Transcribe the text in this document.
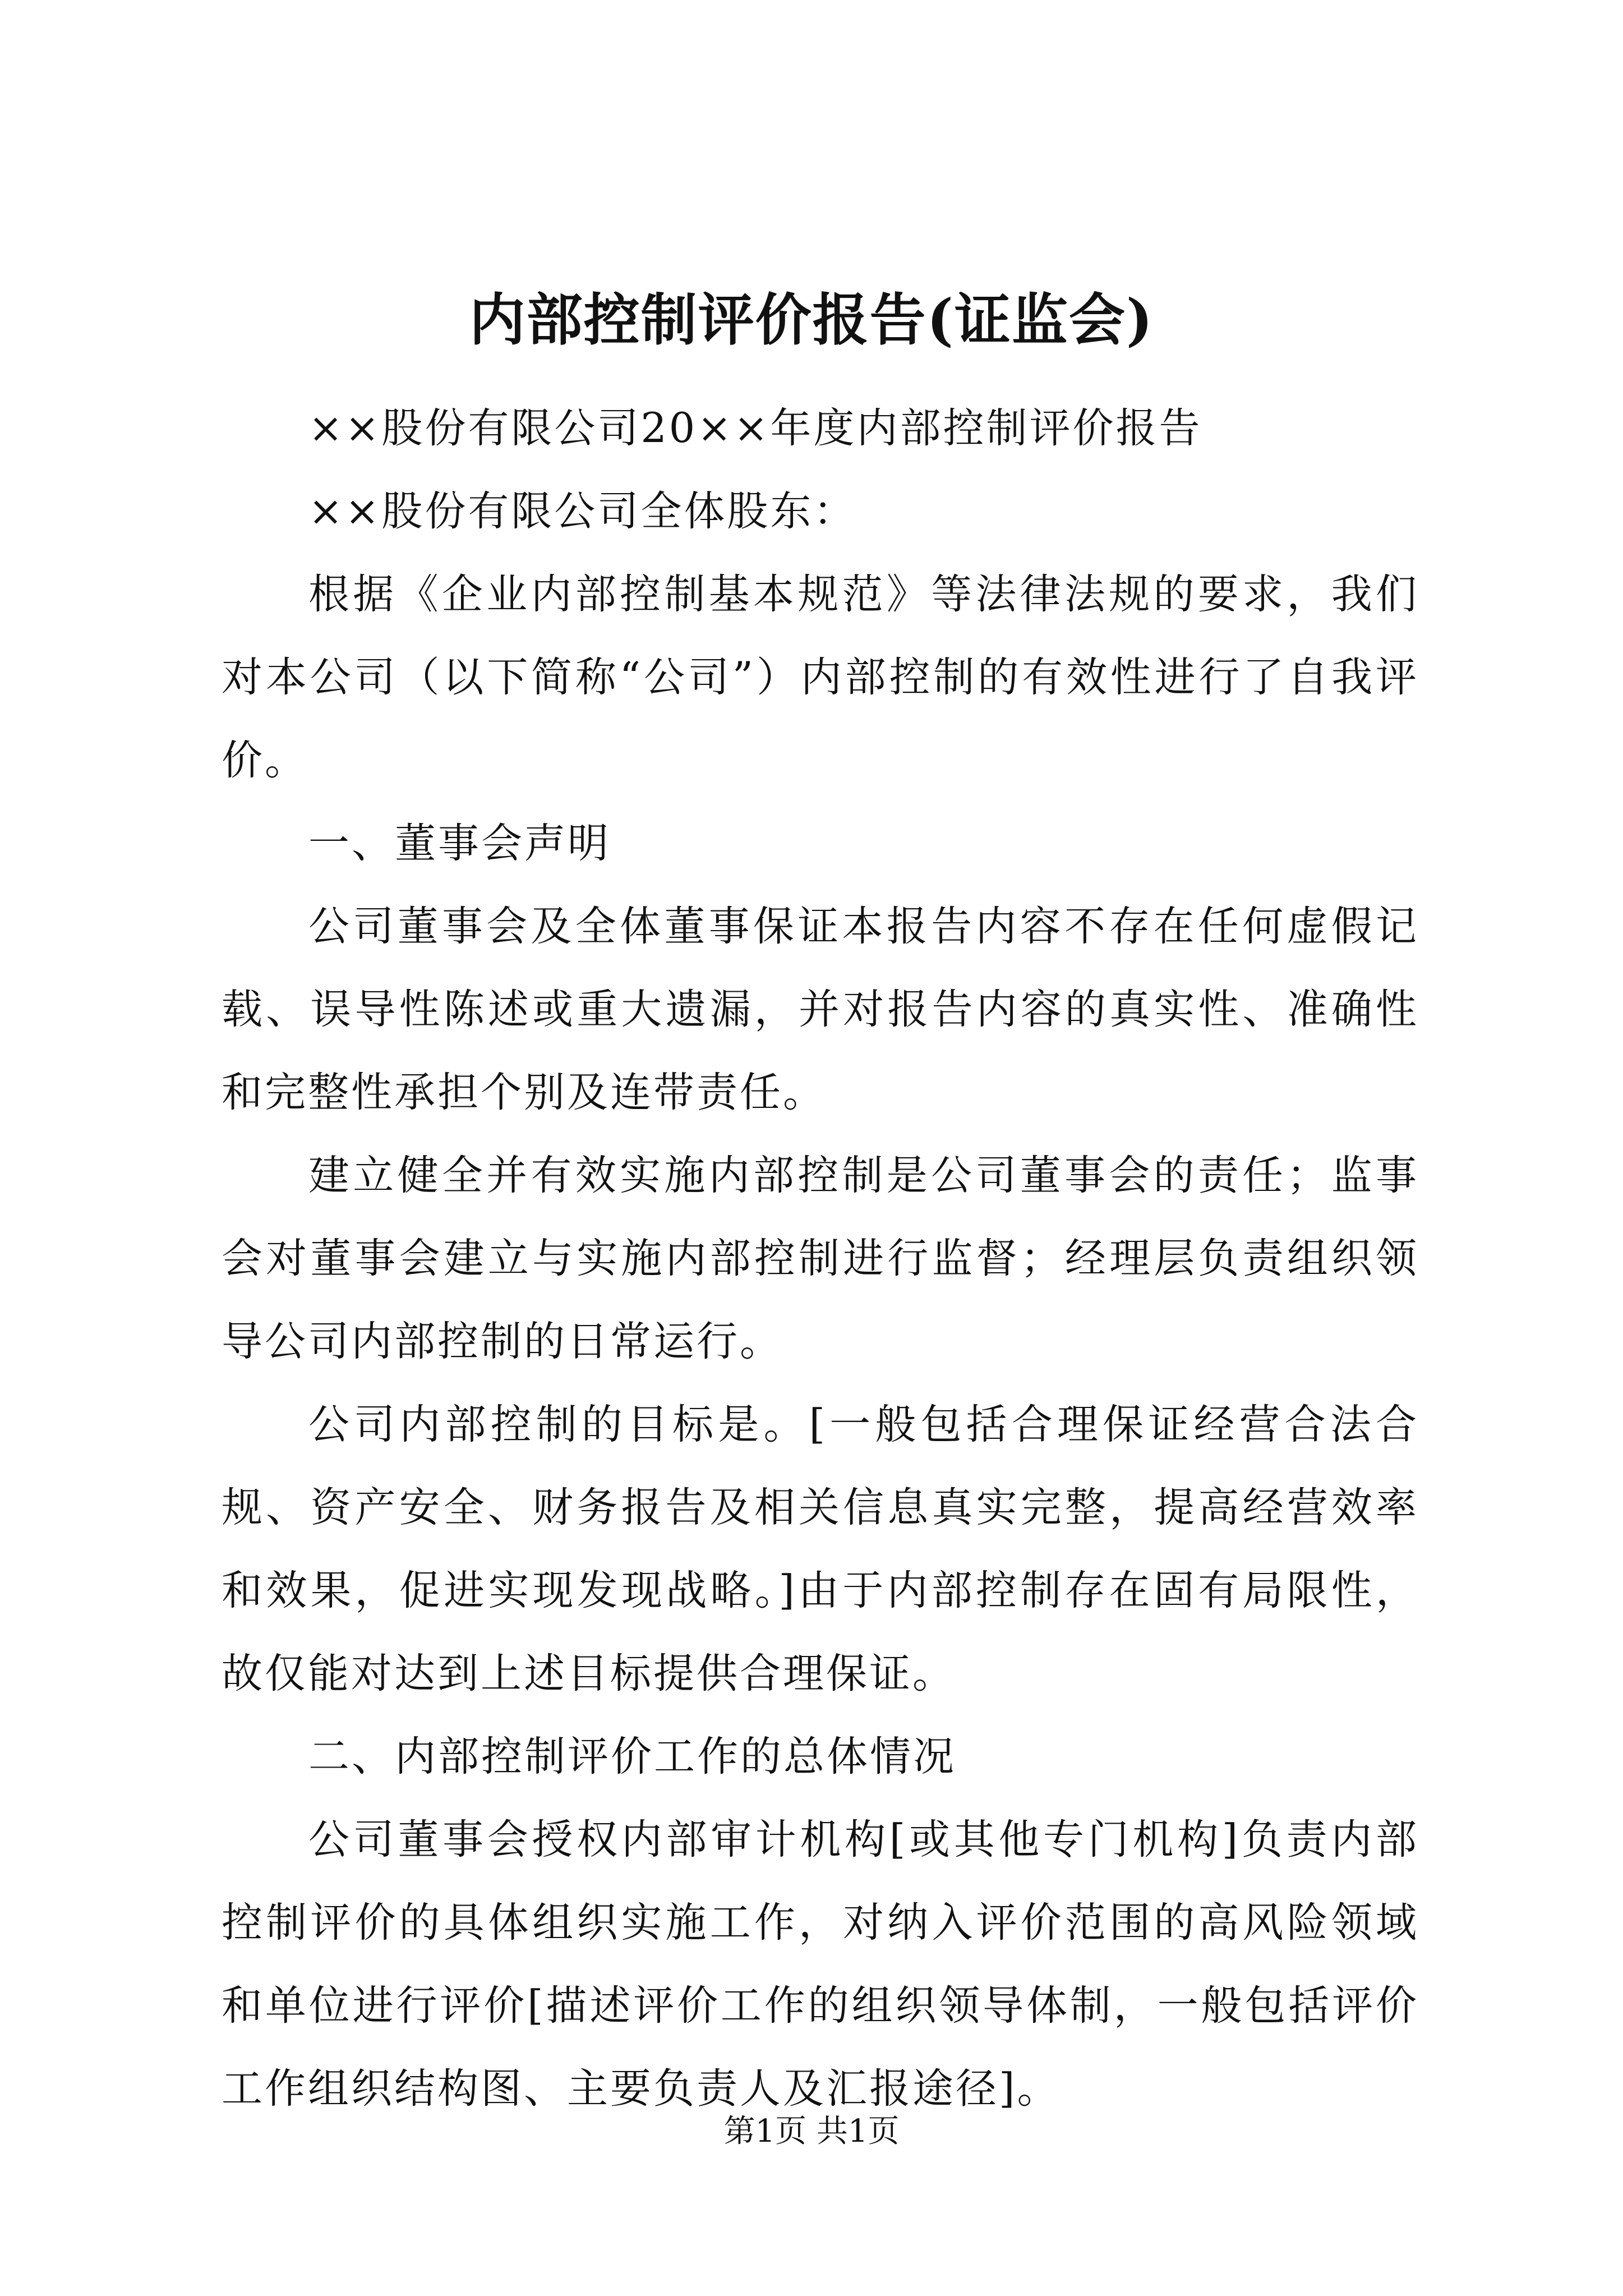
内部控制评价报告(证监会)

××股份有限公司20××年度内部控制评价报告

××股份有限公司全体股东：

根据《企业内部控制基本规范》等法律法规的要求，我们对本公司（以下简称“公司”）内部控制的有效性进行了自我评价。

一、董事会声明

公司董事会及全体董事保证本报告内容不存在任何虚假记载、误导性陈述或重大遗漏，并对报告内容的真实性、准确性和完整性承担个别及连带责任。

建立健全并有效实施内部控制是公司董事会的责任；监事会对董事会建立与实施内部控制进行监督；经理层负责组织领导公司内部控制的日常运行。

公司内部控制的目标是。[一般包括合理保证经营合法合规、资产安全、财务报告及相关信息真实完整，提高经营效率和效果，促进实现发现战略。]由于内部控制存在固有局限性，故仅能对达到上述目标提供合理保证。

二、内部控制评价工作的总体情况

公司董事会授权内部审计机构[或其他专门机构]负责内部控制评价的具体组织实施工作，对纳入评价范围的高风险领域和单位进行评价[描述评价工作的组织领导体制，一般包括评价工作组织结构图、主要负责人及汇报途径]。

第1页 共1页
